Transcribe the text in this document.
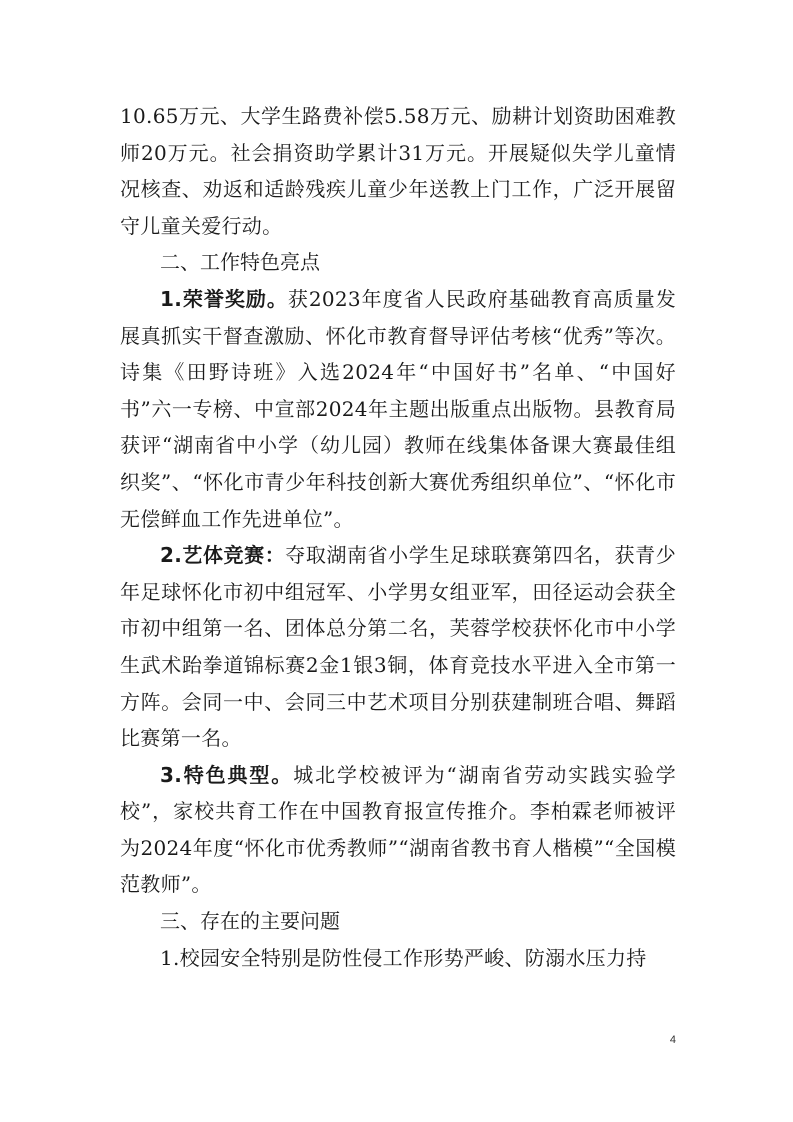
10.65万元、大学生路费补偿5.58万元、励耕计划资助困难教师20万元。社会捐资助学累计31万元。开展疑似失学儿童情况核查、劝返和适龄残疾儿童少年送教上门工作，广泛开展留守儿童关爱行动。

二、工作特色亮点

1.荣誉奖励。获2023年度省人民政府基础教育高质量发展真抓实干督查激励、怀化市教育督导评估考核“优秀”等次。诗集《田野诗班》入选2024年“中国好书”名单、“中国好书”六一专榜、中宣部2024年主题出版重点出版物。县教育局获评“湖南省中小学（幼儿园）教师在线集体备课大赛最佳组织奖”、“怀化市青少年科技创新大赛优秀组织单位”、“怀化市无偿鲜血工作先进单位”。

2.艺体竞赛：夺取湖南省小学生足球联赛第四名，获青少年足球怀化市初中组冠军、小学男女组亚军，田径运动会获全市初中组第一名、团体总分第二名，芙蓉学校获怀化市中小学生武术跆拳道锦标赛2金1银3铜，体育竞技水平进入全市第一方阵。会同一中、会同三中艺术项目分别获建制班合唱、舞蹈比赛第一名。

3.特色典型。城北学校被评为“湖南省劳动实践实验学校”，家校共育工作在中国教育报宣传推介。李柏霖老师被评为2024年度“怀化市优秀教师”“湖南省教书育人楷模”“全国模范教师”。

三、存在的主要问题

1.校园安全特别是防性侵工作形势严峻、防溺水压力持

4
